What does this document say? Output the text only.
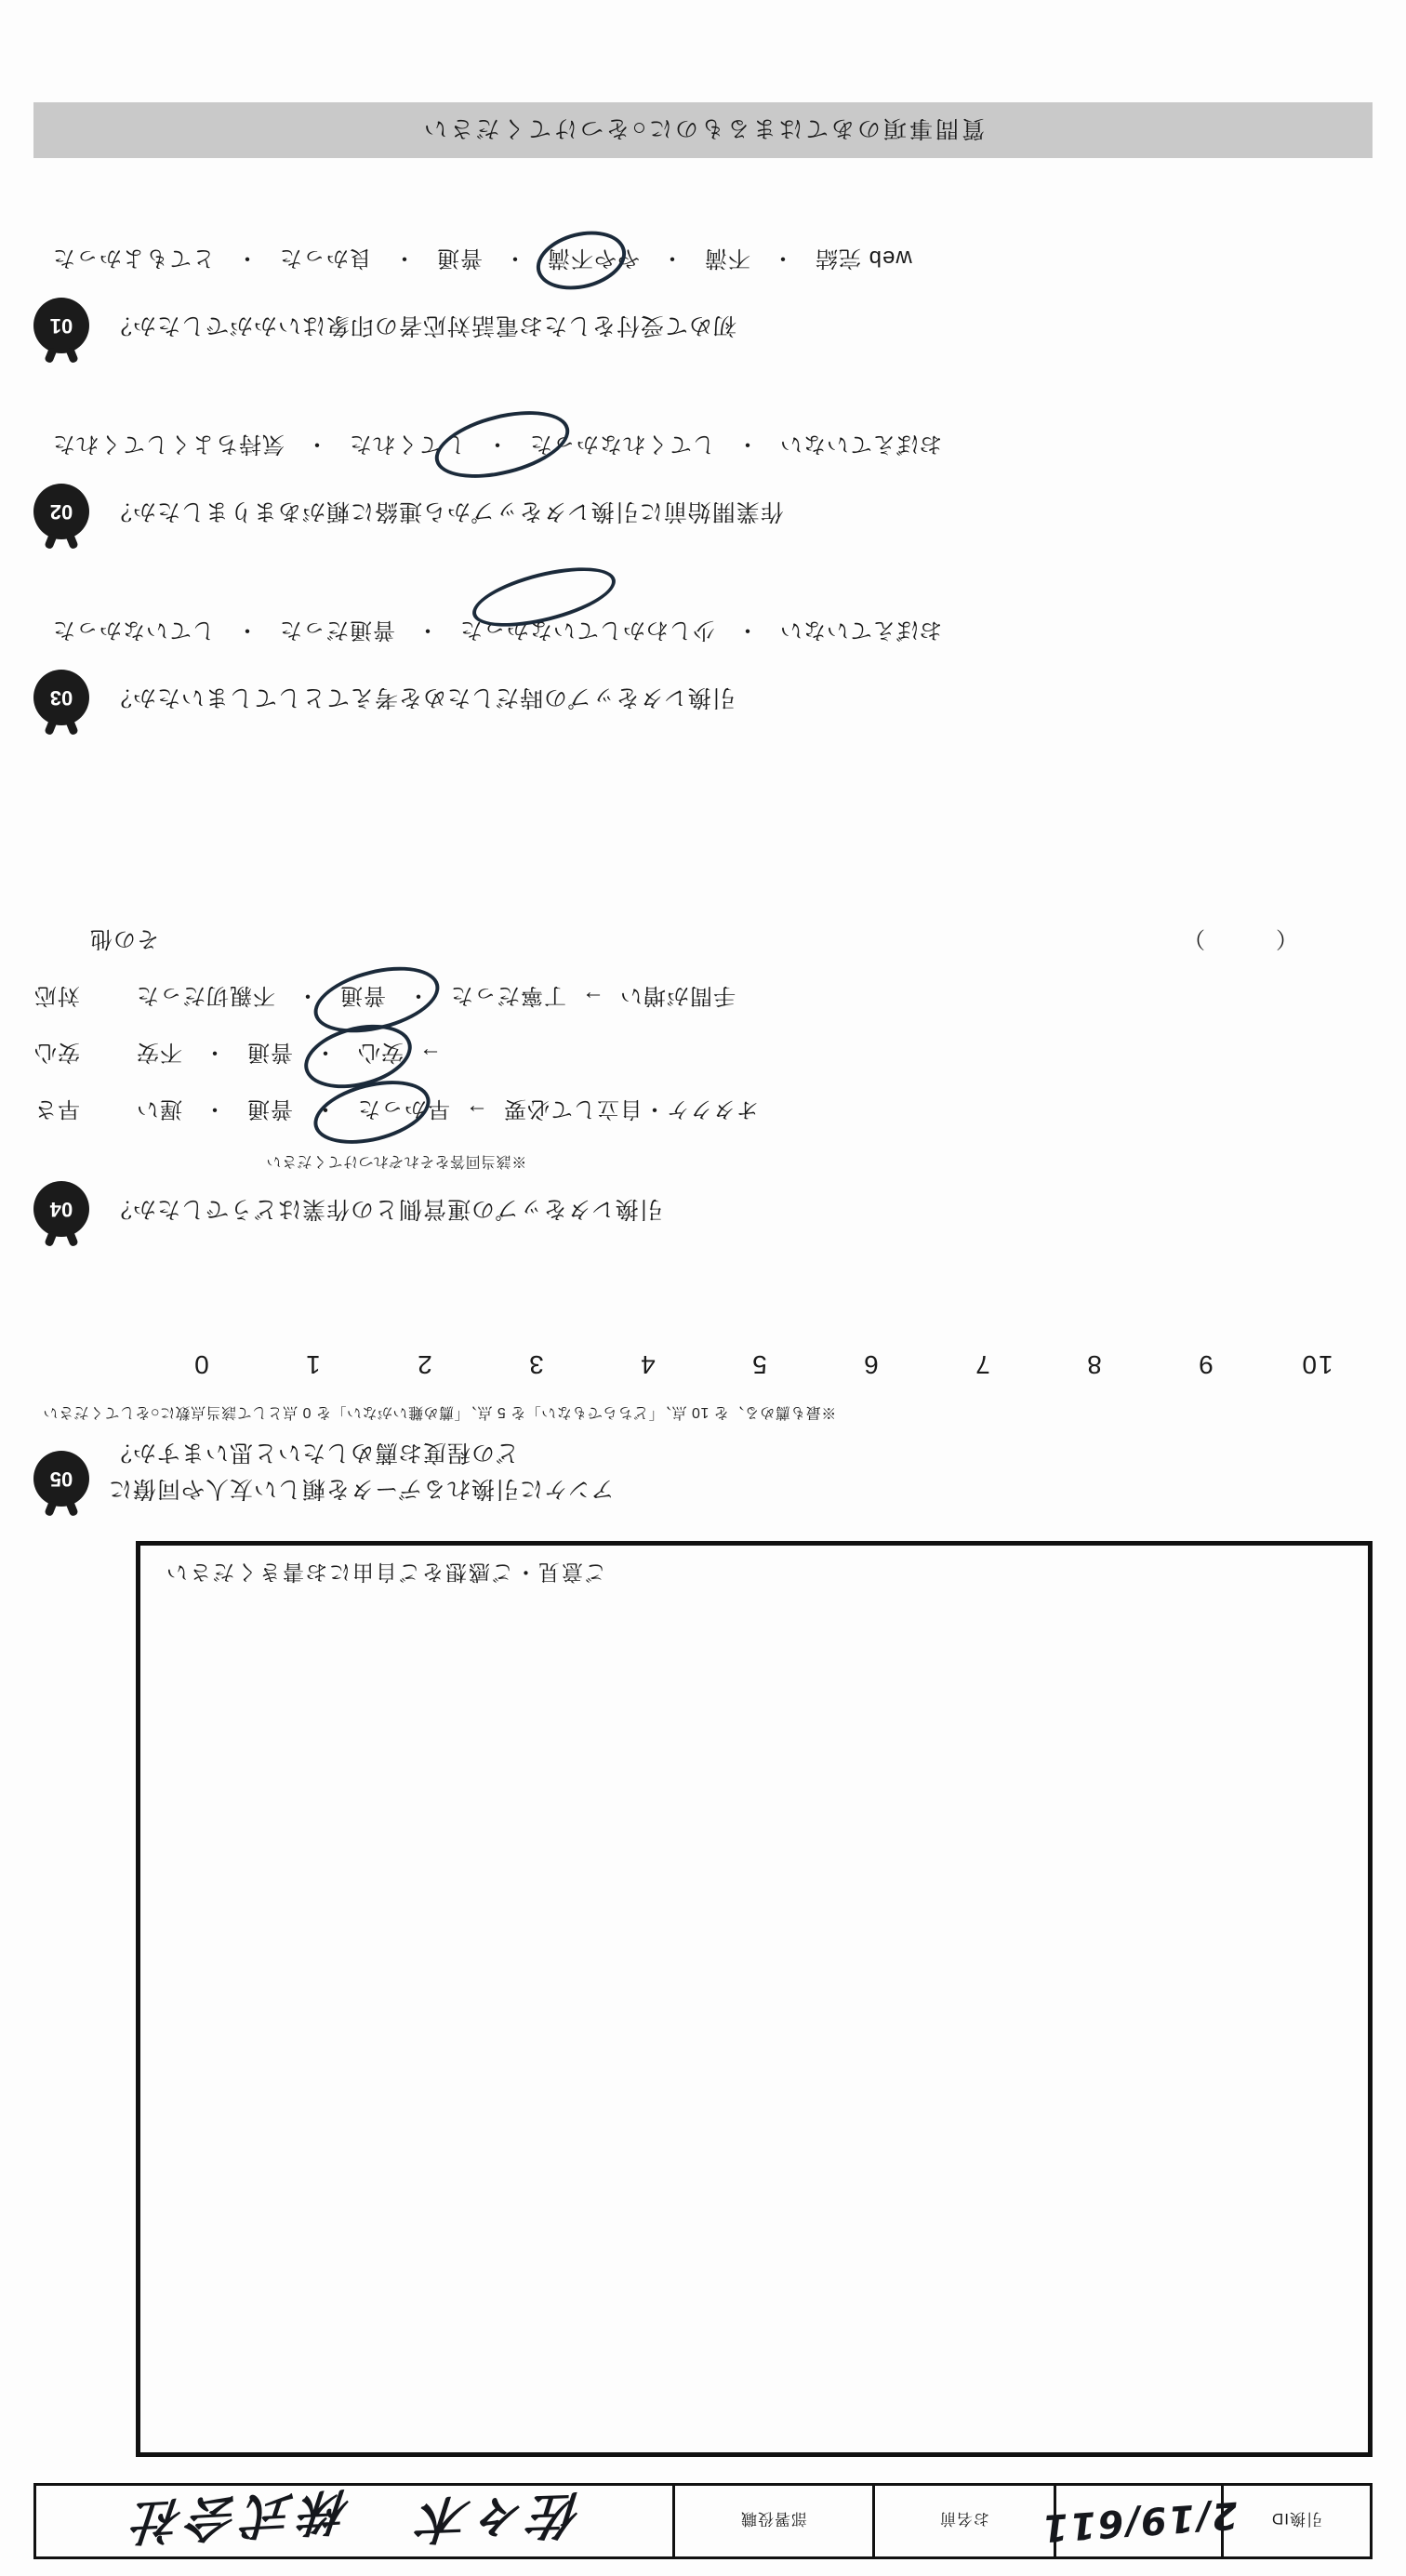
引換ID
2/19/611
お名前
部署役職
佐々木
株式会社
ご意見・ご感想をご自由にお書きください
アンケに引換れるデータを頼しい友人や同僚に
どの程度お薦めしたいと思いますか？
05
※最も薦める、を 10 点、「どちらでもない」を 5 点、「薦め難いがない」を 0 点として該当点数に○をしてください
10
9
8
7
6
5
4
3
2
1
0
引換レタをップの運営側との作業はどうでしたか？
04
※該当回答をそれぞれつけてください
オタクケ・自立して必要
→
早かった
・
普通
・
遅い
早さ
→
安心
・
普通
・
不安
安心
手間が増い
→
丁寧だった
・
普通
・
不親切だった
対応
（　　　）
その他
引換レタをップの時だしためを考えてとしてしまいたか？
03
おぼえていない
・
少しわかしていなかった
・
普通だった
・
していなかった
作業開始前に引換レタをップから連絡に頼があまりましたか？
02
おぼえていない
・
してくれなかった
・
してくれた
・
気持ちよくしてくれた
初めて受付をしたお電話対応者の印象はいかがでしたか？
01
web 完結
・
不満
・
やや不満
・
普通
・
良かった
・
とてもよかった
質問事項のあてはまるものに○をつけてください
